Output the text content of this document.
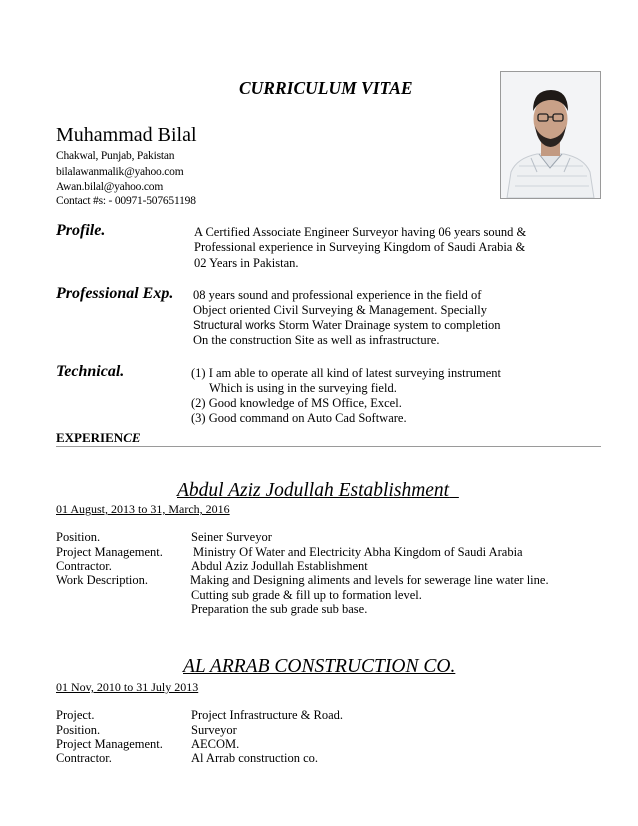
CURRICULUM VITAE
Muhammad Bilal
Chakwal, Punjab, Pakistan
bilalawanmalik@yahoo.com
Awan.bilal@yahoo.com
Contact #s: - 00971-507651198
Profile.	A Certified Associate Engineer Surveyor having 06 years sound &
Professional experience in Surveying Kingdom of Saudi Arabia &
02 Years in Pakistan.
Professional Exp. 08 years sound and professional experience in the field of
Object oriented Civil Surveying & Management. Specially
Structural works Storm Water Drainage system to completion
On the construction Site as well as infrastructure.
Technical.	(1) I am able to operate all kind of latest surveying instrument
Which is using in the surveying field.
(2) Good knowledge of MS Office, Excel.
(3) Good command on Auto Cad Software.
EXPERIENCE
Abdul Aziz Jodullah Establishment
01 August, 2013 to 31, March, 2016
Position.	Seiner Surveyor
Project Management. Ministry Of Water and Electricity Abha Kingdom of Saudi Arabia
Contractor.	Abdul Aziz Jodullah Establishment
Work Description.	Making and Designing aliments and levels for sewerage line water line.
Cutting sub grade & fill up to formation level.
Preparation the sub grade sub base.
AL ARRAB CONSTRUCTION CO.
01 Nov, 2010 to 31 July 2013
Project.	Project Infrastructure & Road.
Position.	Surveyor
Project Management. AECOM.
Contractor.	Al Arrab construction co.
